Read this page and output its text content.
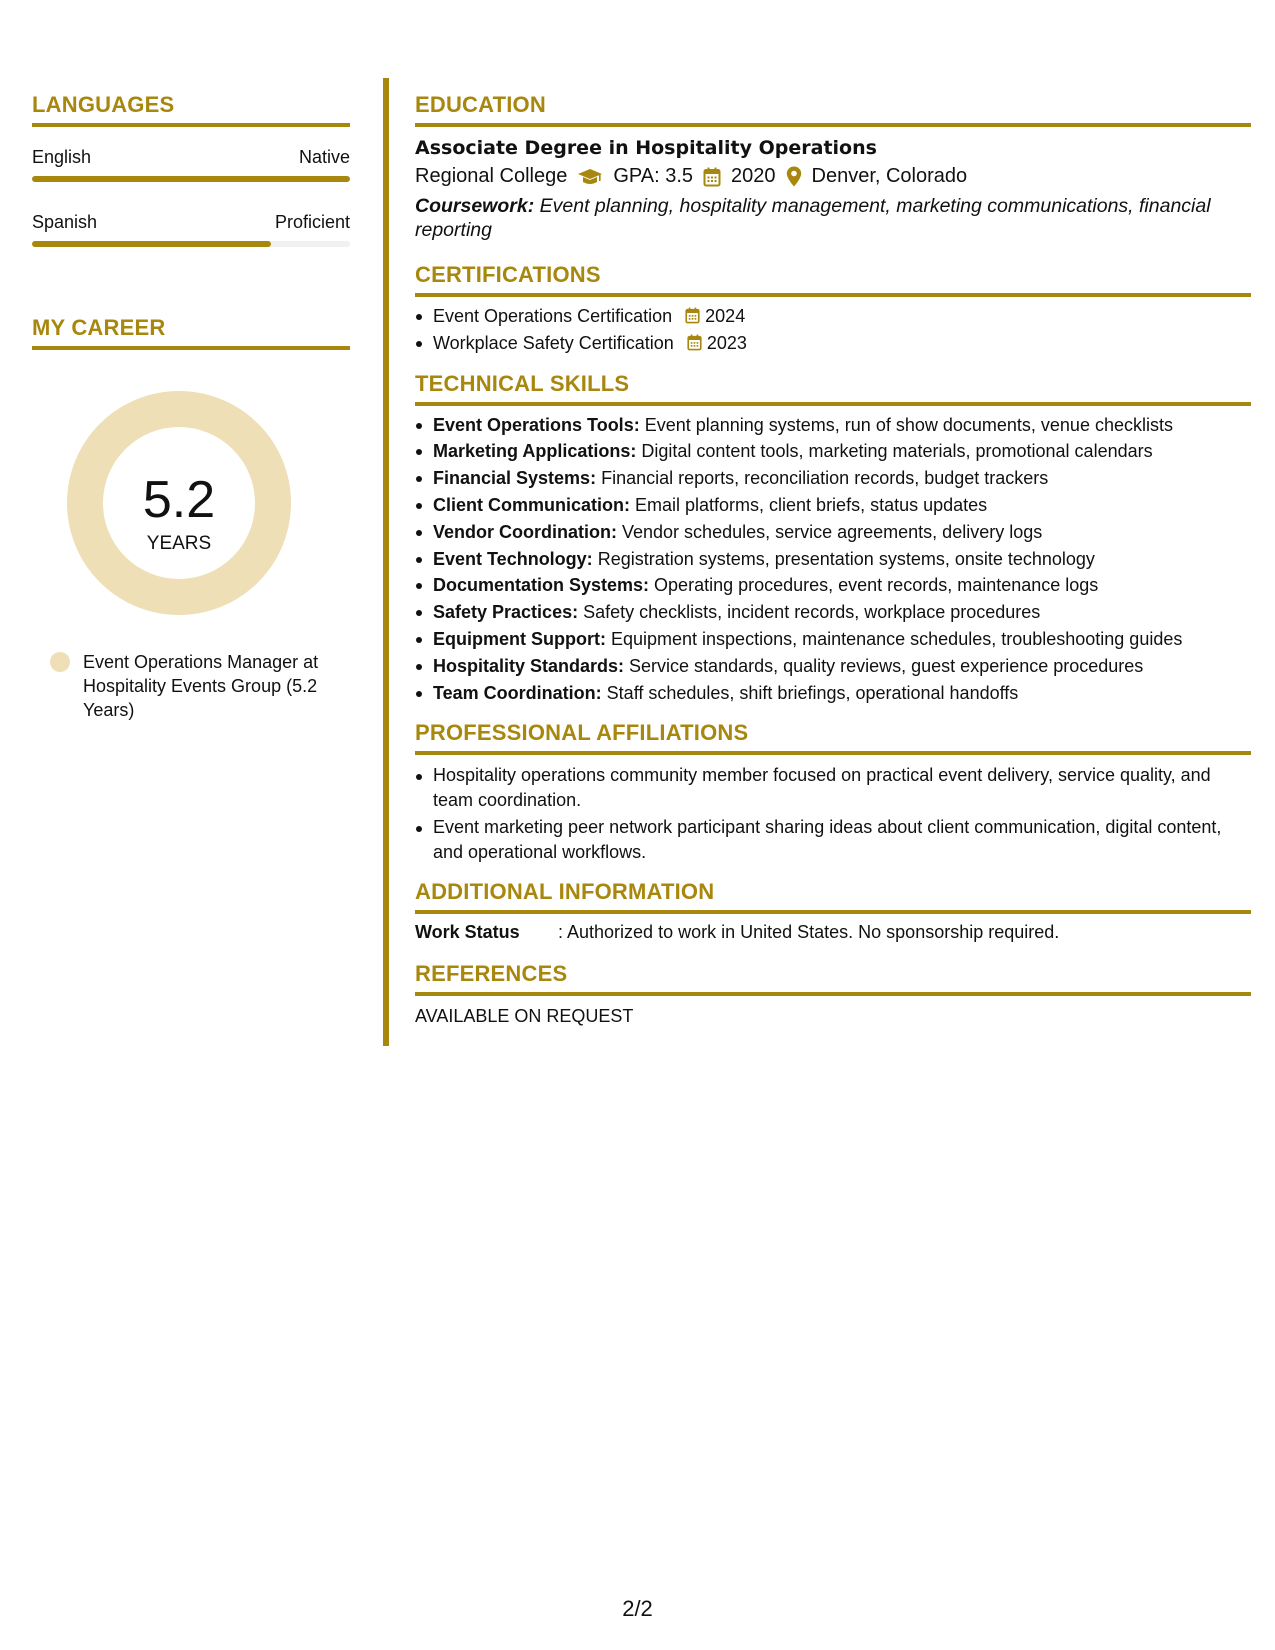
LANGUAGES
English	Native
Spanish	Proficient
MY CAREER
5.2
YEARS
Event Operations Manager at Hospitality Events Group (5.2 Years)
EDUCATION
Associate Degree in Hospitality Operations
Regional College GPA: 3.5 2020 Denver, Colorado
Coursework: Event planning, hospitality management, marketing communications, financial reporting
CERTIFICATIONS
Event Operations Certification 2024
Workplace Safety Certification 2023
TECHNICAL SKILLS
Event Operations Tools: Event planning systems, run of show documents, venue checklists
Marketing Applications: Digital content tools, marketing materials, promotional calendars
Financial Systems: Financial reports, reconciliation records, budget trackers
Client Communication: Email platforms, client briefs, status updates
Vendor Coordination: Vendor schedules, service agreements, delivery logs
Event Technology: Registration systems, presentation systems, onsite technology
Documentation Systems: Operating procedures, event records, maintenance logs
Safety Practices: Safety checklists, incident records, workplace procedures
Equipment Support: Equipment inspections, maintenance schedules, troubleshooting guides
Hospitality Standards: Service standards, quality reviews, guest experience procedures
Team Coordination: Staff schedules, shift briefings, operational handoffs
PROFESSIONAL AFFILIATIONS
Hospitality operations community member focused on practical event delivery, service quality, and team coordination.
Event marketing peer network participant sharing ideas about client communication, digital content, and operational workflows.
ADDITIONAL INFORMATION
Work Status	: Authorized to work in United States. No sponsorship required.
REFERENCES
AVAILABLE ON REQUEST
2/2
